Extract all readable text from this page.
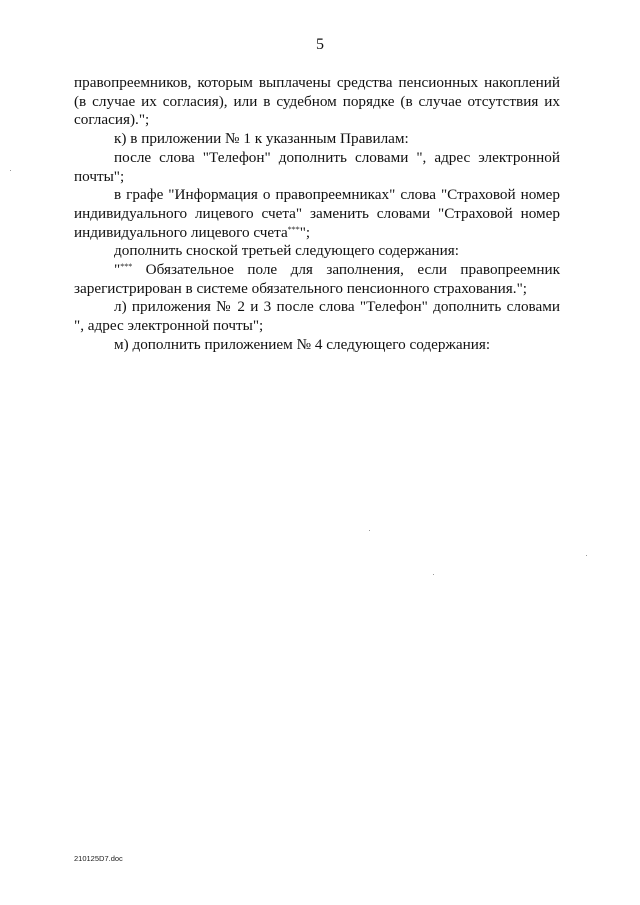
5

правопреемников, которым выплачены средства пенсионных накоплений
(в случае их согласия), или в судебном порядке (в случае отсутствия их
согласия).";

к) в приложении № 1 к указанным Правилам:

после слова "Телефон" дополнить словами ", адрес электронной
почты";

в графе "Информация о правопреемниках" слова "Страховой номер
индивидуального лицевого счета" заменить словами "Страховой номер
индивидуального лицевого счета***";

дополнить сноской третьей следующего содержания:

"*** Обязательное поле для заполнения, если правопреемник
зарегистрирован в системе обязательного пенсионного страхования.";

л) приложения № 2 и 3 после слова "Телефон" дополнить словами
", адрес электронной почты";

м) дополнить приложением № 4 следующего содержания:

210125D7.doc
